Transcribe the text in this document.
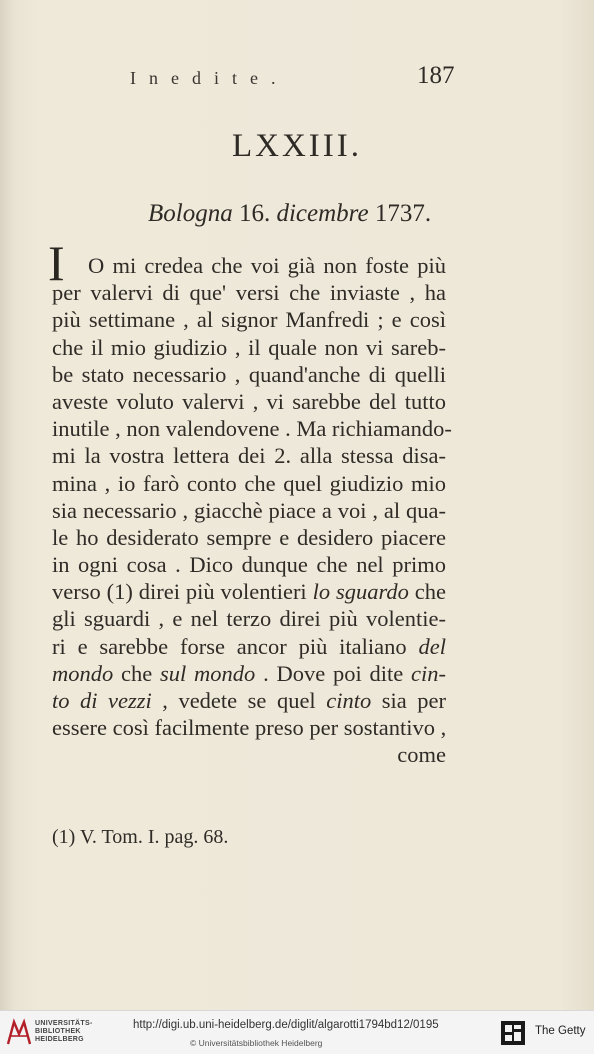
Inedite.	187
LXXIII.
Bologna 16. dicembre 1737.
I O mi credea che voi già non foste più
per valervi di que' versi che inviaste , ha
più settimane , al signor Manfredi ; e così
che il mio giudizio , il quale non vi sareb-
be stato necessario , quand'anche di quelli
aveste voluto valervi , vi sarebbe del tutto
inutile , non valendovene . Ma richiamando-
mi la vostra lettera dei 2. alla stessa disa-
mina , io farò conto che quel giudizio mio
sia necessario , giacchè piace a voi , al qua-
le ho desiderato sempre e desidero piacere
in ogni cosa . Dico dunque che nel primo
verso (1) direi più volentieri lo sguardo che
gli sguardi , e nel terzo direi più volentie-
ri e sarebbe forse ancor più italiano del
mondo che sul mondo . Dove poi dite cin-
to di vezzi , vedete se quel cinto sia per
essere così facilmente preso per sostantivo ,
come
(1) V. Tom. I. pag. 68.
UNIVERSITÄTS-
BIBLIOTHEK
HEIDELBERG
http://digi.ub.uni-heidelberg.de/diglit/algarotti1794bd12/0195
© Universitätsbibliothek Heidelberg
The Getty
